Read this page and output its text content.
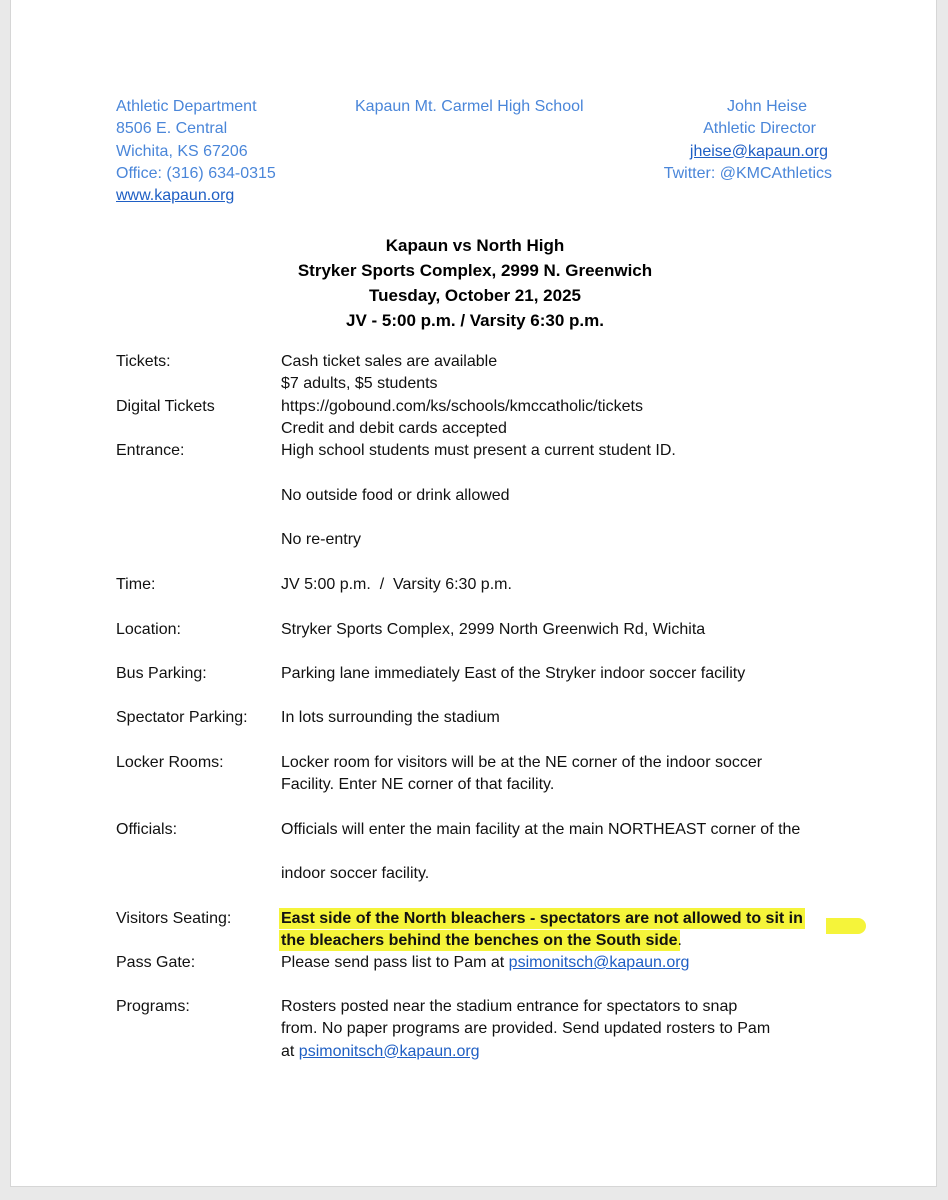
Athletic Department
8506 E. Central
Wichita, KS 67206
Office: (316) 634-0315
www.kapaun.org
Kapaun Mt. Carmel High School	John Heise
Athletic Director
jheise@kapaun.org
Twitter: @KMCAthletics
Kapaun vs North High
Stryker Sports Complex, 2999 N. Greenwich
Tuesday, October 21, 2025
JV - 5:00 p.m. / Varsity 6:30 p.m.
Tickets:	Cash ticket sales are available
$7 adults, $5 students
Digital Tickets	https://gobound.com/ks/schools/kmccatholic/tickets
Credit and debit cards accepted
Entrance:	High school students must present a current student ID.
No outside food or drink allowed
No re-entry
Time:	JV 5:00 p.m.  /  Varsity 6:30 p.m.
Location:	Stryker Sports Complex, 2999 North Greenwich Rd, Wichita
Bus Parking:	Parking lane immediately East of the Stryker indoor soccer facility
Spectator Parking: In lots surrounding the stadium
Locker Rooms:	Locker room for visitors will be at the NE corner of the indoor soccer
Facility. Enter NE corner of that facility.
Officials:	Officials will enter the main facility at the main NORTHEAST corner of the
indoor soccer facility.
Visitors Seating:	East side of the North bleachers - spectators are not allowed to sit in
the bleachers behind the benches on the South side.
Pass Gate:	Please send pass list to Pam at psimonitsch@kapaun.org
Programs:	Rosters posted near the stadium entrance for spectators to snap
from. No paper programs are provided. Send updated rosters to Pam
at psimonitsch@kapaun.org
